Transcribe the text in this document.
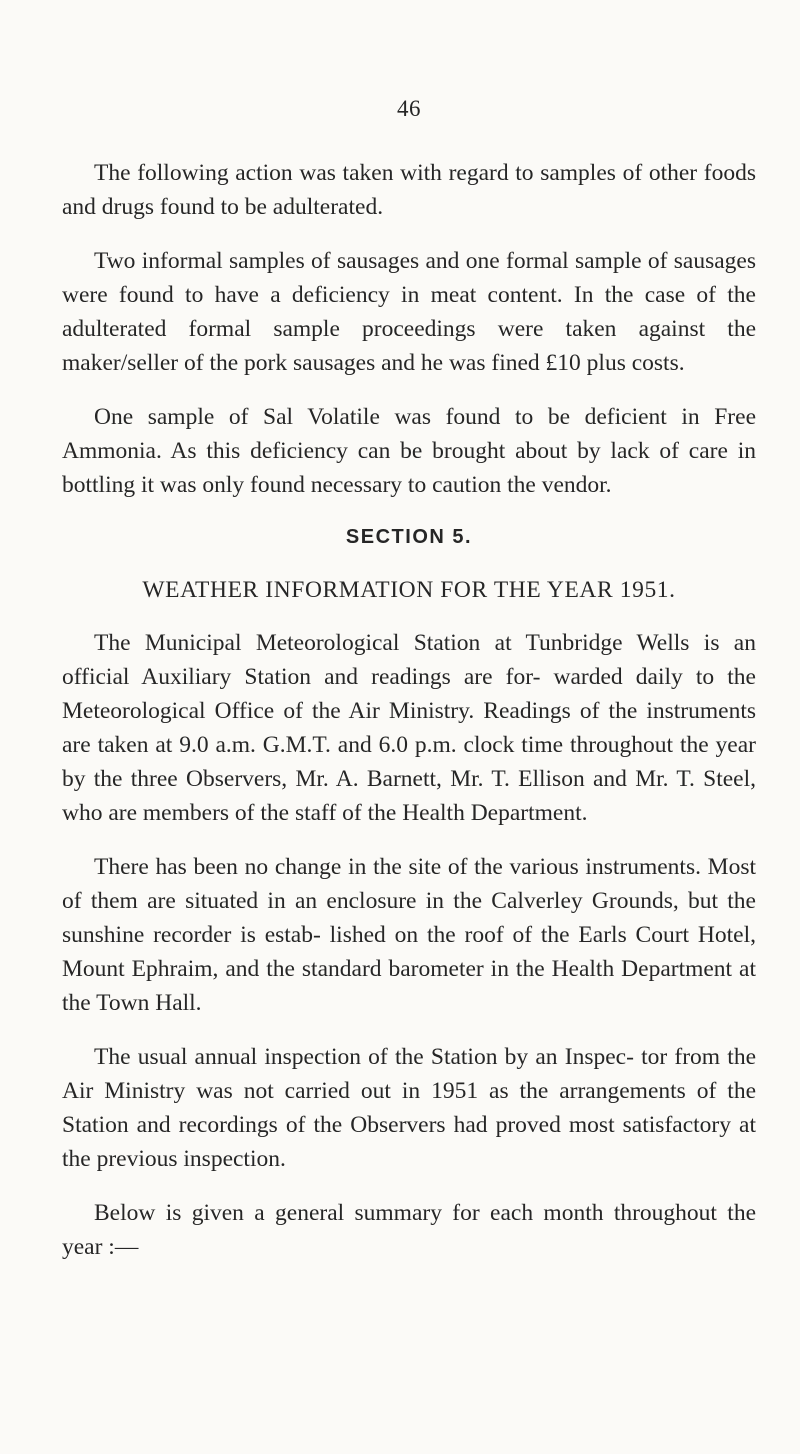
46

The following action was taken with regard to samples of other foods and drugs found to be adulterated.

Two informal samples of sausages and one formal sample of sausages were found to have a deficiency in meat content. In the case of the adulterated formal sample proceedings were taken against the maker/seller of the pork sausages and he was fined £10 plus costs.

One sample of Sal Volatile was found to be deficient in Free Ammonia. As this deficiency can be brought about by lack of care in bottling it was only found necessary to caution the vendor.

SECTION 5.
WEATHER INFORMATION FOR THE YEAR 1951.

The Municipal Meteorological Station at Tunbridge Wells is an official Auxiliary Station and readings are for- warded daily to the Meteorological Office of the Air Ministry. Readings of the instruments are taken at 9.0 a.m. G.M.T. and 6.0 p.m. clock time throughout the year by the three Observers, Mr. A. Barnett, Mr. T. Ellison and Mr. T. Steel, who are members of the staff of the Health Department.

There has been no change in the site of the various instruments. Most of them are situated in an enclosure in the Calverley Grounds, but the sunshine recorder is estab- lished on the roof of the Earls Court Hotel, Mount Ephraim, and the standard barometer in the Health Department at the Town Hall.

The usual annual inspection of the Station by an Inspec- tor from the Air Ministry was not carried out in 1951 as the arrangements of the Station and recordings of the Observers had proved most satisfactory at the previous inspection.

Below is given a general summary for each month throughout the year :—
